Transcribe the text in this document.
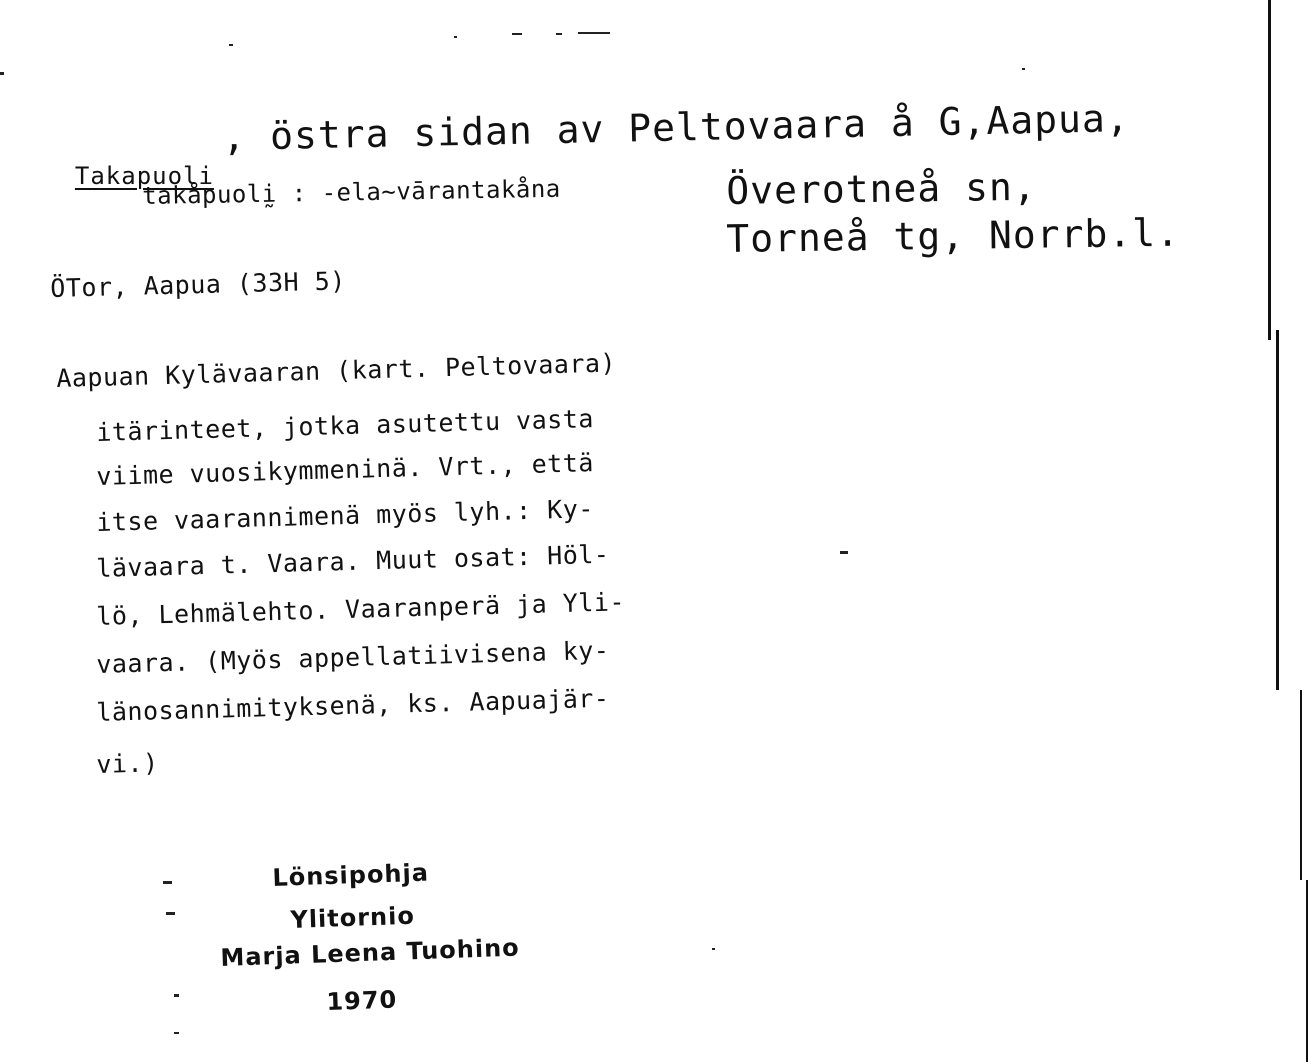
Takapuoli

, östra sidan av Peltovaara å G,Aapua,
takåpuolḭ : -ela~vārantakåna	Överotneå sn,
Torneå tg, Norrb.l.
ÖTor, Aapua (33H 5)
Aapuan Kylävaaran (kart. Peltovaara)
itärinteet, jotka asutettu vasta
viime vuosikymmeninä. Vrt., että
itse vaarannimenä myös lyh.: Ky-
lävaara t. Vaara. Muut osat: Höl-
lö, Lehmälehto. Vaaranperä ja Yli-
vaara. (Myös appellatiivisena ky-
länosannimityksenä, ks. Aapuajär-
vi.)
Lönsipohja
Ylitornio
Marja Leena Tuohino
1970
